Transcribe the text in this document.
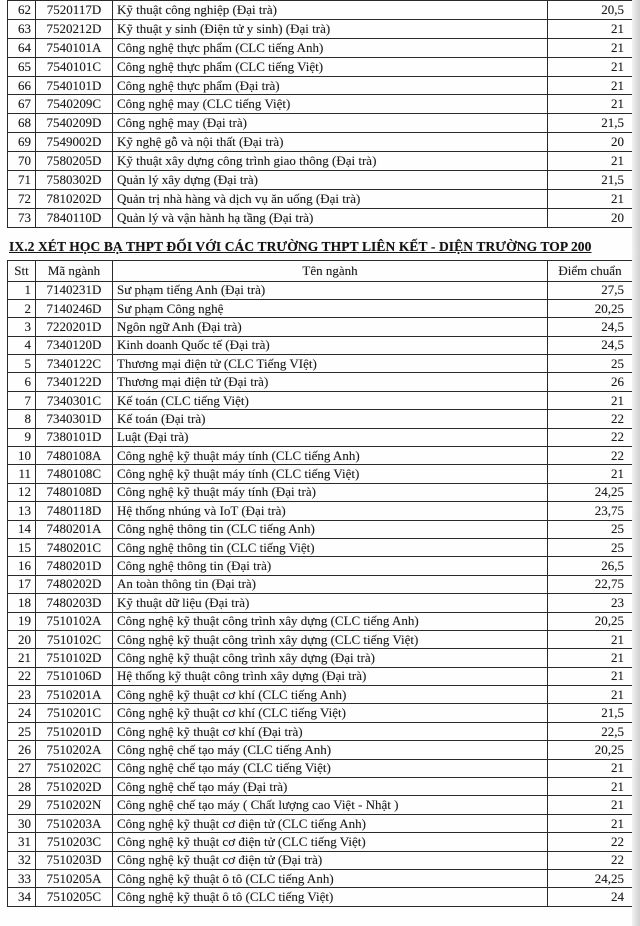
62	7520117D	Kỹ thuật công nghiệp (Đại trà)	20,5
63	7520212D	Kỹ thuật y sinh (Điện tử y sinh) (Đại trà)	21
64	7540101A	Công nghệ thực phẩm (CLC tiếng Anh)	21
65	7540101C	Công nghệ thực phẩm (CLC tiếng Việt)	21
66	7540101D	Công nghệ thực phẩm (Đại trà)	21
67	7540209C	Công nghệ may (CLC tiếng Việt)	21
68	7540209D	Công nghệ may (Đại trà)	21,5
69	7549002D	Kỹ nghệ gỗ và nội thất (Đại trà)	20
70	7580205D	Kỹ thuật xây dựng công trình giao thông (Đại trà)	21
71	7580302D	Quản lý xây dựng (Đại trà)	21,5
72	7810202D	Quản trị nhà hàng và dịch vụ ăn uống (Đại trà)	21
73	7840110D	Quản lý và vận hành hạ tầng (Đại trà)	20
IX.2 XÉT HỌC BẠ THPT ĐỐI VỚI CÁC TRƯỜNG THPT LIÊN KẾT - DIỆN TRƯỜNG TOP 200
Stt	Mã ngành	Tên ngành	Điểm chuẩn
1	7140231D	Sư phạm tiếng Anh (Đại trà)	27,5
2	7140246D	Sư phạm Công nghệ	20,25
3	7220201D	Ngôn ngữ Anh (Đại trà)	24,5
4	7340120D	Kinh doanh Quốc tế (Đại trà)	24,5
5	7340122C	Thương mại điện tử (CLC Tiếng VIệt)	25
6	7340122D	Thương mại điện tử (Đại trà)	26
7	7340301C	Kế toán (CLC tiếng Việt)	21
8	7340301D	Kế toán (Đại trà)	22
9	7380101D	Luật (Đại trà)	22
10	7480108A	Công nghệ kỹ thuật máy tính (CLC tiếng Anh)	22
11	7480108C	Công nghệ kỹ thuật máy tính (CLC tiếng Việt)	21
12	7480108D	Công nghệ kỹ thuật máy tính (Đại trà)	24,25
13	7480118D	Hệ thống nhúng và IoT (Đại trà)	23,75
14	7480201A	Công nghệ thông tin (CLC tiếng Anh)	25
15	7480201C	Công nghệ thông tin (CLC tiếng Việt)	25
16	7480201D	Công nghệ thông tin (Đại trà)	26,5
17	7480202D	An toàn thông tin (Đại trà)	22,75
18	7480203D	Kỹ thuật dữ liệu (Đại trà)	23
19	7510102A	Công nghệ kỹ thuật công trình xây dựng (CLC tiếng Anh)	20,25
20	7510102C	Công nghệ kỹ thuật công trình xây dựng (CLC tiếng Việt)	21
21	7510102D	Công nghệ kỹ thuật công trình xây dựng (Đại trà)	21
22	7510106D	Hệ thống kỹ thuật công trình xây dựng (Đại trà)	21
23	7510201A	Công nghệ kỹ thuật cơ khí (CLC tiếng Anh)	21
24	7510201C	Công nghệ kỹ thuật cơ khí (CLC tiếng Việt)	21,5
25	7510201D	Công nghệ kỹ thuật cơ khí (Đại trà)	22,5
26	7510202A	Công nghệ chế tạo máy (CLC tiếng Anh)	20,25
27	7510202C	Công nghệ chế tạo máy (CLC tiếng Việt)	21
28	7510202D	Công nghệ chế tạo máy (Đại trà)	21
29	7510202N	Công nghệ chế tạo máy ( Chất lượng cao Việt - Nhật )	21
30	7510203A	Công nghệ kỹ thuật cơ điện tử (CLC tiếng Anh)	21
31	7510203C	Công nghệ kỹ thuật cơ điện tử (CLC tiếng Việt)	22
32	7510203D	Công nghệ kỹ thuật cơ điện tử (Đại trà)	22
33	7510205A	Công nghệ kỹ thuật ô tô (CLC tiếng Anh)	24,25
34	7510205C	Công nghệ kỹ thuật ô tô (CLC tiếng Việt)	24
